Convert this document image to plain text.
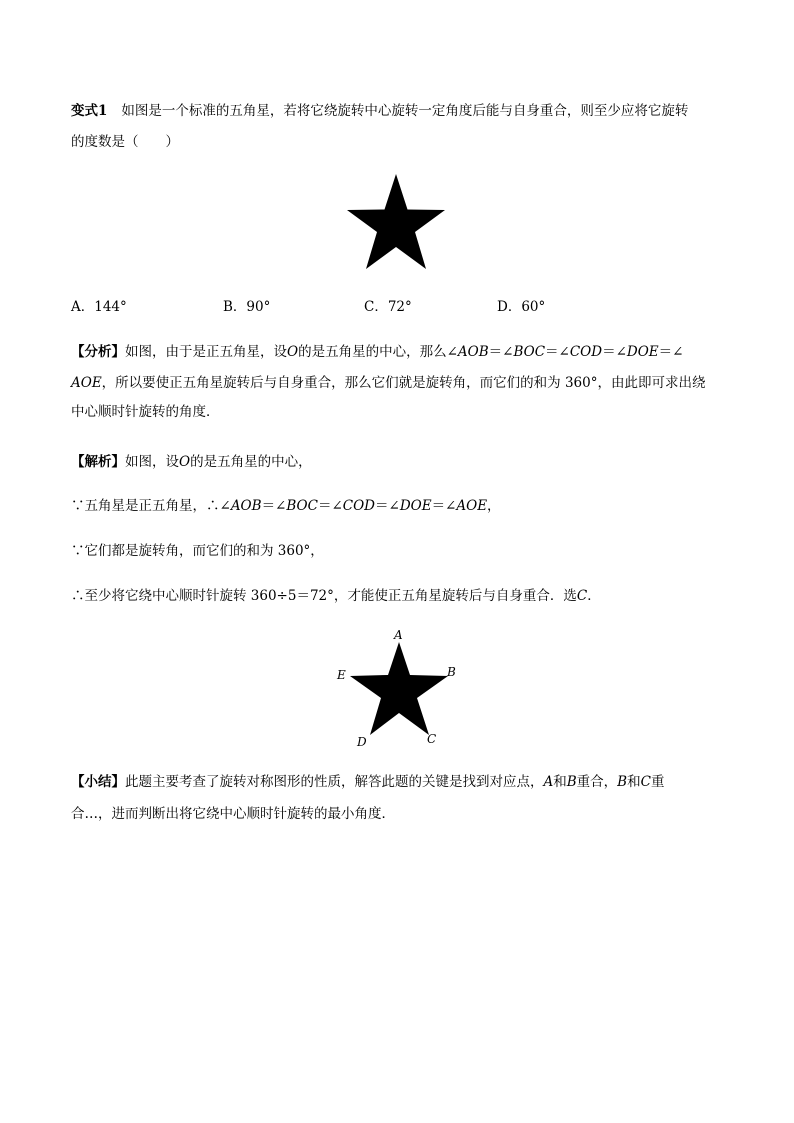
变式1 如图是一个标准的五角星，若将它绕旋转中心旋转一定角度后能与自身重合，则至少应将它旋转
的度数是（　　）
A．144°	B．90°	C．72°	D．60°
【分析】如图，由于是正五角星，设O的是五角星的中心，那么∠AOB＝∠BOC＝∠COD＝∠DOE＝∠
AOE，所以要使正五角星旋转后与自身重合，那么它们就是旋转角，而它们的和为 360°，由此即可求出绕
中心顺时针旋转的角度．
【解析】如图，设O的是五角星的中心，
∵五角星是正五角星，∴∠AOB＝∠BOC＝∠COD＝∠DOE＝∠AOE，
∵它们都是旋转角，而它们的和为 360°，
∴至少将它绕中心顺时针旋转 360÷5＝72°，才能使正五角星旋转后与自身重合．选C．
A
B
C
D
E
【小结】此题主要考查了旋转对称图形的性质，解答此题的关键是找到对应点，A和B重合，B和C重
合…，进而判断出将它绕中心顺时针旋转的最小角度．
